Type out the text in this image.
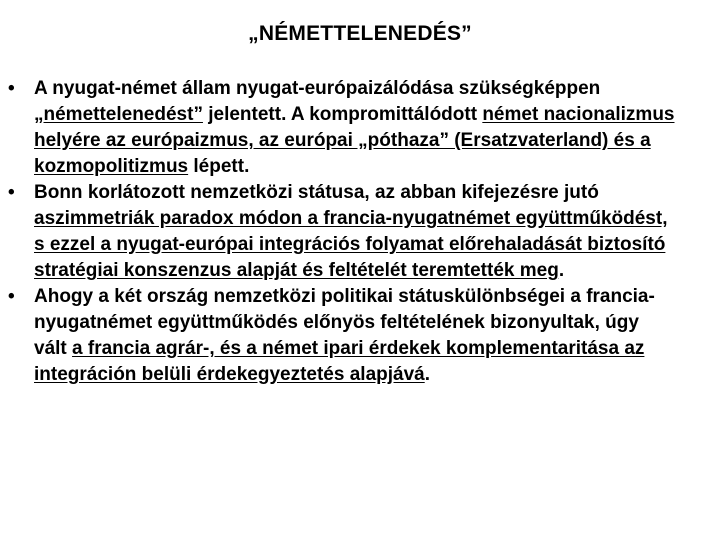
„NÉMETTELENEDÉS”
•	A nyugat-német állam nyugat-európaizálódása szükségképpen „némettelenedést” jelentett. A kompromittálódott német nacionalizmus helyére az európaizmus, az európai „póthaza” (Ersatzvaterland) és a kozmopolitizmus lépett.
•	Bonn korlátozott nemzetközi státusa, az abban kifejezésre jutó aszimmetriák paradox módon a francia-nyugatnémet együttműködést, s ezzel a nyugat-európai integrációs folyamat előrehaladását biztosító stratégiai konszenzus alapját és feltételét teremtették meg.
•	Ahogy a két ország nemzetközi politikai státuskülönbségei a francia-nyugatnémet együttműködés előnyös feltételének bizonyultak, úgy vált a francia agrár-, és a német ipari érdekek komplementaritása az integráción belüli érdekegyeztetés alapjává.
